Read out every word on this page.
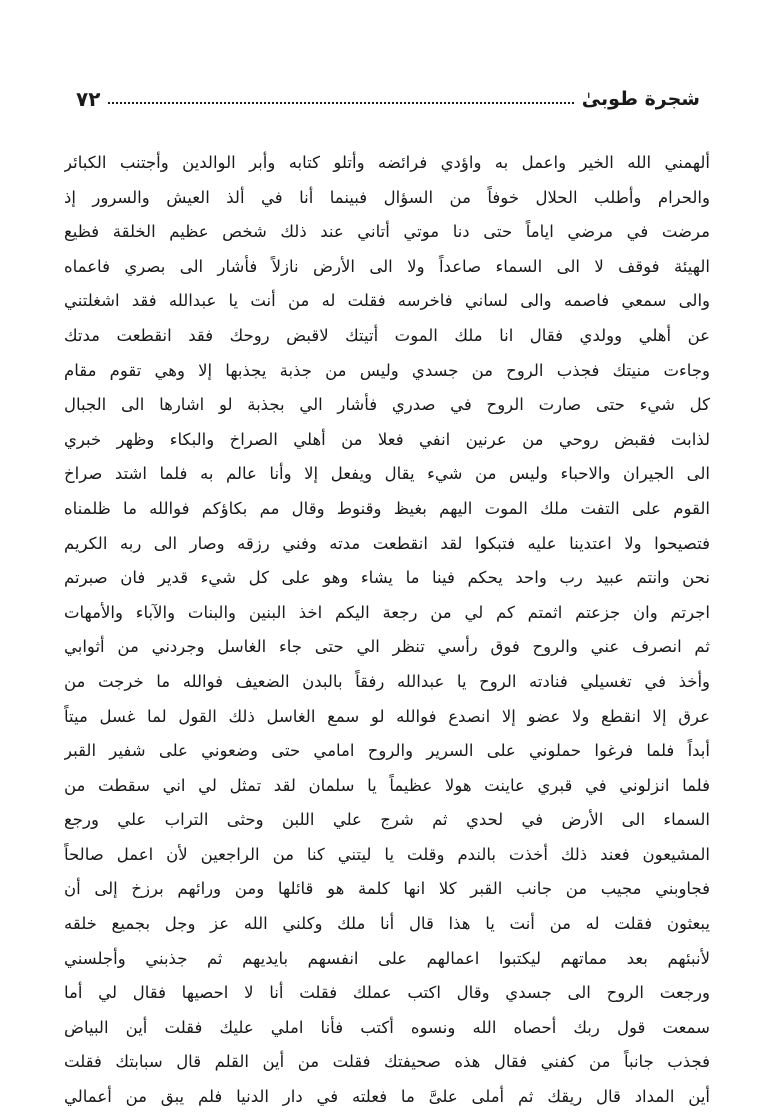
٧٢	شجرة طوبیٰ
ألهمني الله الخير واعمل به واؤدي فرائضه وأتلو كتابه وأبر الوالدين وأجتنب الكبائر
والحرام وأطلب الحلال خوفاً من السؤال فبينما أنا في ألذ العيش والسرور إذ
مرضت في مرضي اياماً حتى دنا موتي أتاني عند ذلك شخص عظيم الخلقة فظيع
الهيئة فوقف لا الى السماء صاعداً ولا الى الأرض نازلاً فأشار الى بصري فاعماه
والى سمعي فاصمه والى لساني فاخرسه فقلت له من أنت يا عبدالله فقد اشغلتني
عن أهلي وولدي فقال انا ملك الموت أتيتك لاقبض روحك فقد انقطعت مدتك
وجاءت منيتك فجذب الروح من جسدي وليس من جذبة يجذبها إلا وهي تقوم مقام
كل شيء حتى صارت الروح في صدري فأشار الي بجذبة لو اشارها الى الجبال
لذابت فقبض روحي من عرنين انفي فعلا من أهلي الصراخ والبكاء وظهر خبري
الى الجيران والاحباء وليس من شيء يقال ويفعل إلا وأنا عالم به فلما اشتد صراخ
القوم على التفت ملك الموت اليهم بغيظ وقنوط وقال مم بكاؤكم فوالله ما ظلمناه
فتصيحوا ولا اعتدينا عليه فتبكوا لقد انقطعت مدته وفني رزقه وصار الى ربه الكريم
نحن وانتم عبيد رب واحد يحكم فينا ما يشاء وهو على كل شيء قدير فان صبرتم
اجرتم وان جزعتم اثمتم كم لي من رجعة اليكم اخذ البنين والبنات والآباء والأمهات
ثم انصرف عني والروح فوق رأسي تنظر الي حتى جاء الغاسل وجردني من أثوابي
وأخذ في تغسيلي فنادته الروح يا عبدالله رفقاً بالبدن الضعيف فوالله ما خرجت من
عرق إلا انقطع ولا عضو إلا انصدع فوالله لو سمع الغاسل ذلك القول لما غسل ميتاً
أبداً فلما فرغوا حملوني على السرير والروح امامي حتى وضعوني على شفير القبر
فلما انزلوني في قبري عاينت هولا عظيماً يا سلمان لقد تمثل لي اني سقطت من
السماء الى الأرض في لحدي ثم شرج علي اللبن وحثى التراب علي ورجع
المشيعون فعند ذلك أخذت بالندم وقلت يا ليتني كنا من الراجعين لأن اعمل صالحاً
فجاوبني مجيب من جانب القبر كلا انها كلمة هو قائلها ومن ورائهم برزخ إلى أن
يبعثون فقلت له من أنت يا هذا قال أنا ملك وكلني الله عز وجل بجميع خلقه
لأنبئهم بعد مماتهم ليكتبوا اعمالهم على انفسهم بايديهم ثم جذبني وأجلسني
ورجعت الروح الى جسدي وقال اكتب عملك فقلت أنا لا احصيها فقال لي أما
سمعت قول ربك أحصاه الله ونسوه أكتب فأنا املي عليك فقلت أين البياض
فجذب جانباً من كفني فقال هذه صحيفتك فقلت من أين القلم قال سبابتك فقلت
أين المداد قال ريقك ثم أملى علىَّ ما فعلته في دار الدنيا فلم يبق من أعمالي
